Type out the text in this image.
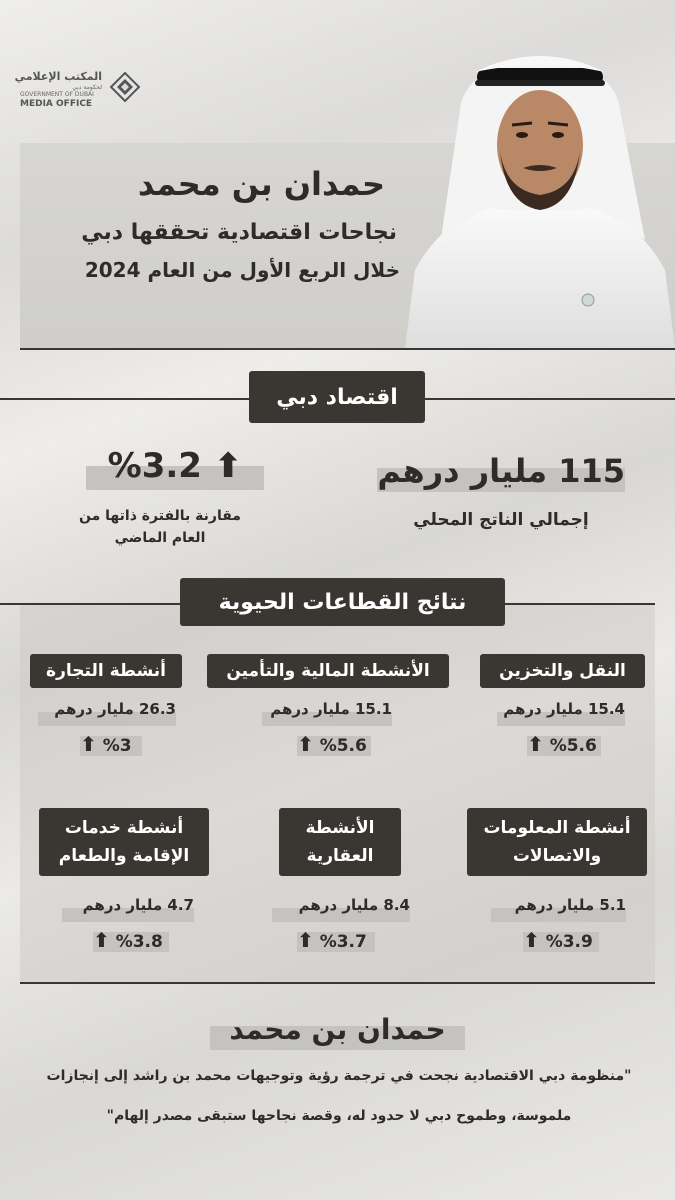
المكتب الإعلامي
لحكومة دبي
GOVERNMENT OF DUBAI
MEDIA OFFICE
حمدان بن محمد
نجاحات اقتصادية تحققها دبي
خلال الربع الأول من العام 2024
اقتصاد دبي
115 مليار درهم
إجمالي الناتج المحلي
%3.2 ⬆
مقارنة بالفترة ذاتها من العام الماضي
نتائج القطاعات الحيوية
النقل والتخزين
15.4 مليار درهم
⬆ %5.6
الأنشطة المالية والتأمين
15.1 مليار درهم
⬆ %5.6
أنشطة التجارة
26.3 مليار درهم
⬆ %3
أنشطة المعلومات والاتصالات
5.1 مليار درهم
⬆ %3.9
الأنشطة العقارية
8.4 مليار درهم
⬆ %3.7
أنشطة خدمات الإقامة والطعام
4.7 مليار درهم
⬆ %3.8
حمدان بن محمد
"منظومة دبي الاقتصادية نجحت في ترجمة رؤية وتوجيهات محمد بن راشد إلى إنجازات
ملموسة، وطموح دبي لا حدود له، وقصة نجاحها ستبقى مصدر إلهام"
